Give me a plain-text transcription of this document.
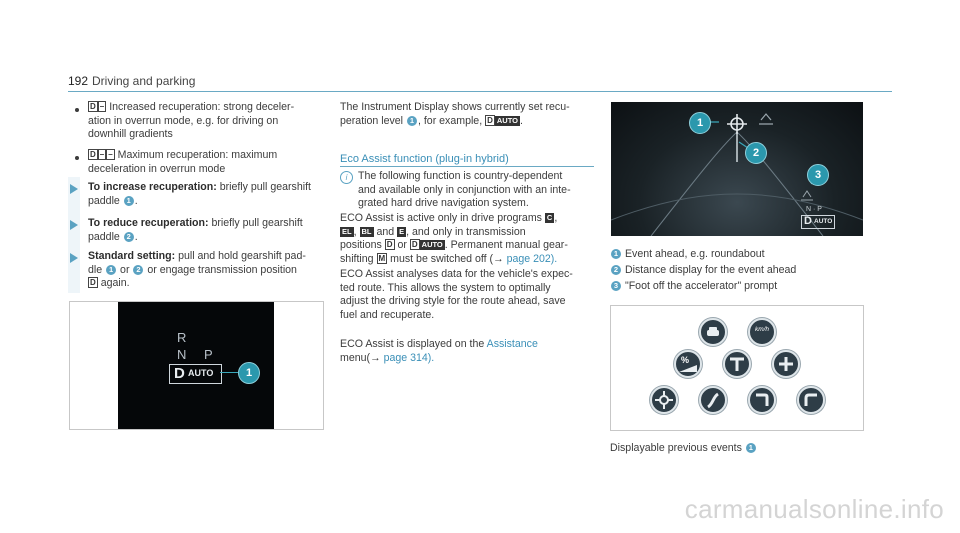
192 Driving and parking
D – Increased recuperation: strong deceler-
ation in overrun mode, e.g. for driving on
downhill gradients
D – – Maximum recuperation: maximum
deceleration in overrun mode
To increase recuperation: briefly pull gearshift
paddle 1 .
To reduce recuperation: briefly pull gearshift
paddle 2 .
Standard setting: pull and hold gearshift pad-
dle 1 or 2 or engage transmission position
D again.
R
N P
D AUTO	1
The Instrument Display shows currently set recu-
peration level 1 , for example, D AUTO .
Eco Assist function (plug-in hybrid)
i	The following function is country-dependent
and available only in conjunction with an inte-
grated hard drive navigation system.
ECO Assist is active only in drive programs C ,
EL , BL and E , and only in transmission
positions D or D AUTO . Permanent manual gear-
shifting M must be switched off (→ page 202).
ECO Assist analyses data for the vehicle's expec-
ted route. This allows the system to optimally
adjust the driving style for the route ahead, save
fuel and recuperate.
ECO Assist is displayed on the Assistance
menu(→ page 314).
1
2
3
N · P
D AUTO
1 Event ahead, e.g. roundabout
2 Distance display for the event ahead
3 "Foot off the accelerator" prompt
km/h
%
Displayable previous events 1
carmanualsonline.info
